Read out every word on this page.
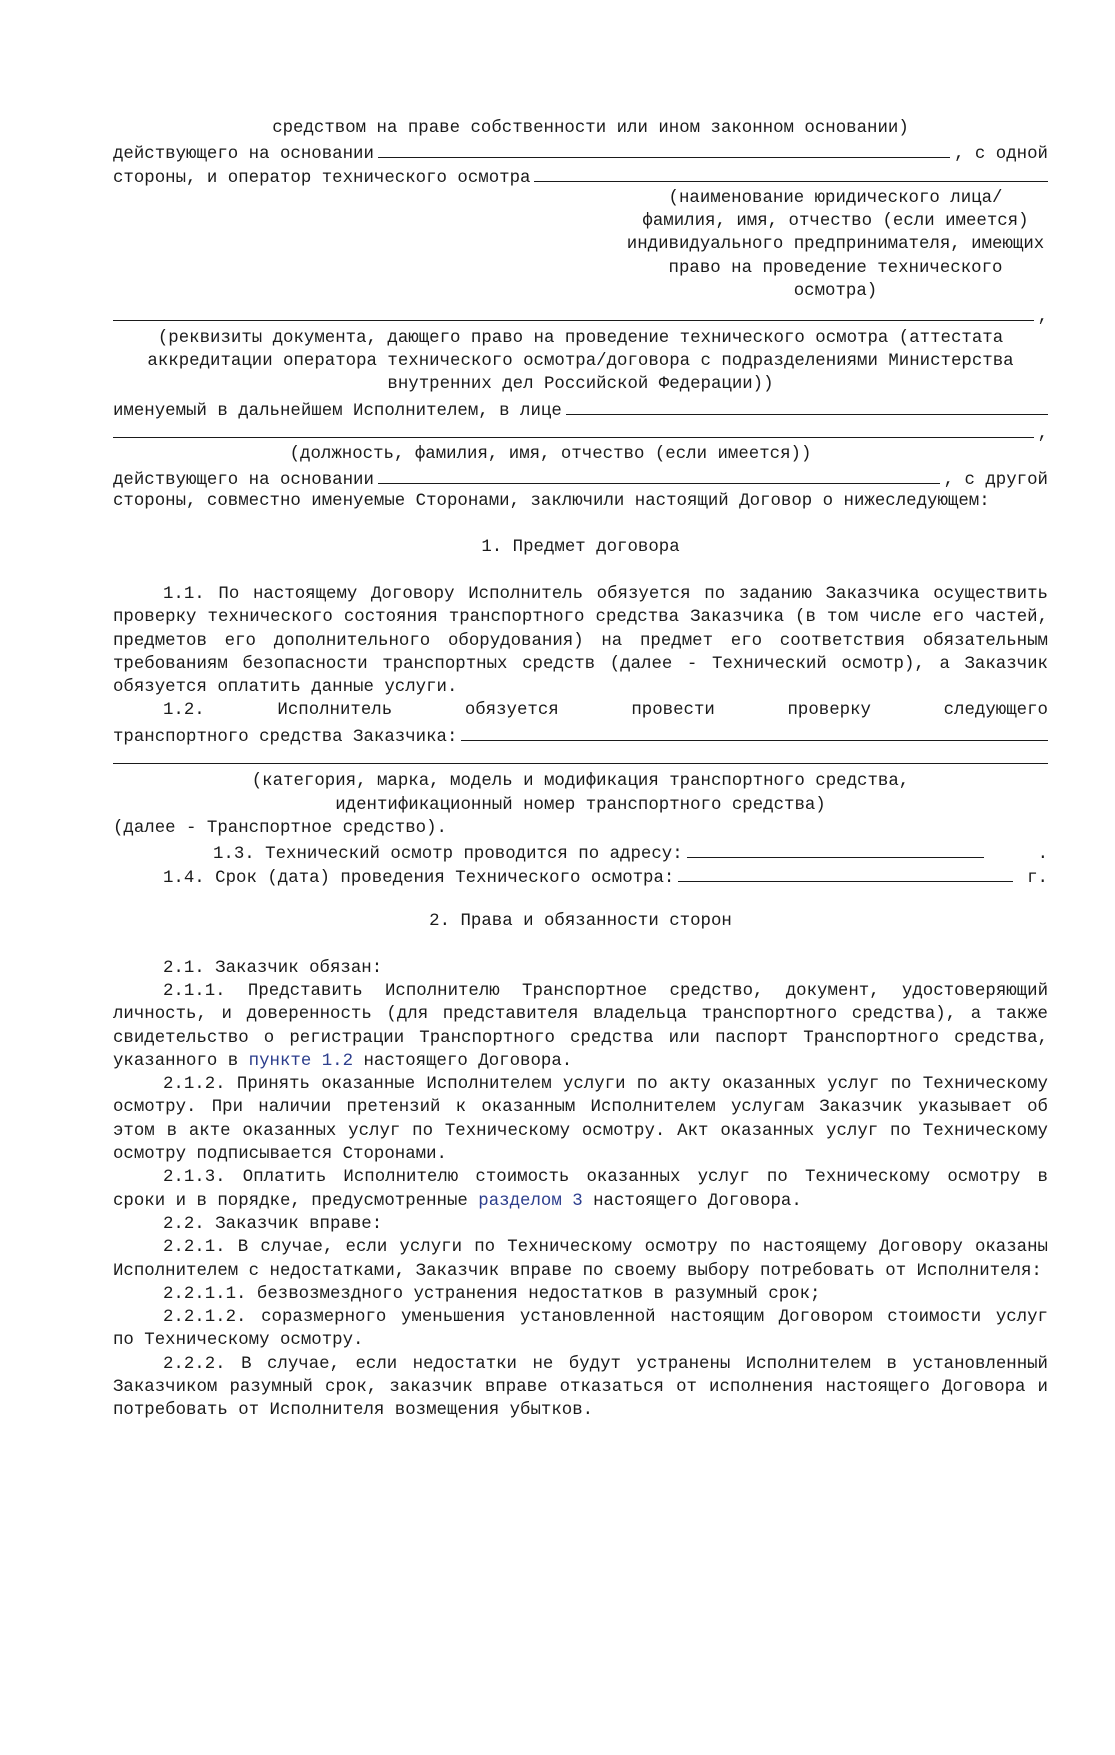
средством на праве собственности или ином законном основании)
действующего на основании	, с одной
стороны, и оператор технического осмотра
(наименование юридического лица/ фамилия, имя, отчество (если имеется) индивидуального предпринимателя, имеющих право на проведение технического осмотра)
,
(реквизиты документа, дающего право на проведение технического осмотра (аттестата аккредитации оператора технического осмотра/договора с подразделениями Министерства внутренних дел Российской Федерации))
именуемый в дальнейшем Исполнителем, в лице
,
(должность, фамилия, имя, отчество (если имеется))
действующего на основании	, с другой
стороны, совместно именуемые Сторонами, заключили настоящий Договор о нижеследующем:
1. Предмет договора
1.1. По настоящему Договору Исполнитель обязуется по заданию Заказчика осуществить проверку технического состояния транспортного средства Заказчика (в том числе его частей, предметов его дополнительного оборудования) на предмет его соответствия обязательным требованиям безопасности транспортных средств (далее - Технический осмотр), а Заказчик обязуется оплатить данные услуги.
1.2. Исполнитель обязуется провести проверку следующего
транспортного средства Заказчика:
(категория, марка, модель и модификация транспортного средства, идентификационный номер транспортного средства)
(далее - Транспортное средство).
1.3. Технический осмотр проводится по адресу:	.
1.4. Срок (дата) проведения Технического осмотра:	г.
2. Права и обязанности сторон
2.1. Заказчик обязан:
2.1.1. Представить Исполнителю Транспортное средство, документ, удостоверяющий личность, и доверенность (для представителя владельца транспортного средства), а также свидетельство о регистрации Транспортного средства или паспорт Транспортного средства, указанного в пункте 1.2 настоящего Договора.
2.1.2. Принять оказанные Исполнителем услуги по акту оказанных услуг по Техническому осмотру. При наличии претензий к оказанным Исполнителем услугам Заказчик указывает об этом в акте оказанных услуг по Техническому осмотру. Акт оказанных услуг по Техническому осмотру подписывается Сторонами.
2.1.3. Оплатить Исполнителю стоимость оказанных услуг по Техническому осмотру в сроки и в порядке, предусмотренные разделом 3 настоящего Договора.
2.2. Заказчик вправе:
2.2.1. В случае, если услуги по Техническому осмотру по настоящему Договору оказаны Исполнителем с недостатками, Заказчик вправе по своему выбору потребовать от Исполнителя:
2.2.1.1. безвозмездного устранения недостатков в разумный срок;
2.2.1.2. соразмерного уменьшения установленной настоящим Договором стоимости услуг по Техническому осмотру.
2.2.2. В случае, если недостатки не будут устранены Исполнителем в установленный Заказчиком разумный срок, заказчик вправе отказаться от исполнения настоящего Договора и потребовать от Исполнителя возмещения убытков.
